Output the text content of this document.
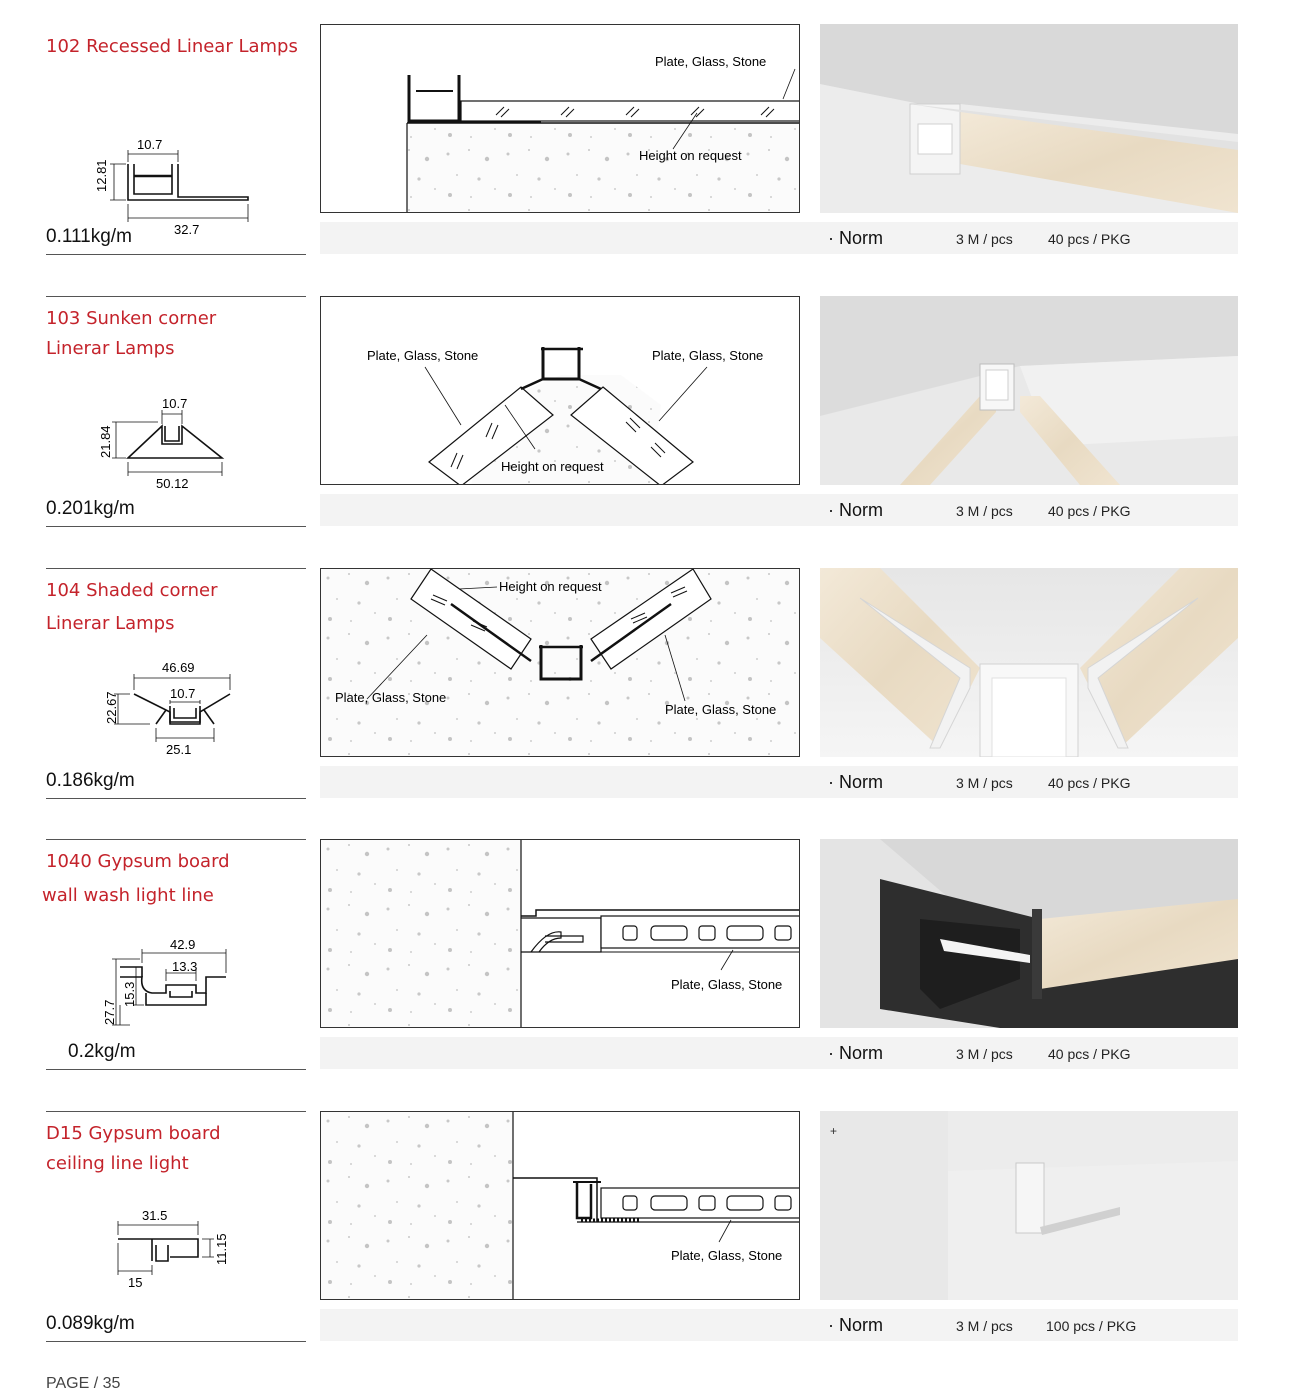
102 Recessed Linear Lamps
10.7
12.81
32.7
0.111kg/m
Plate, Glass, Stone
Height on request
· Norm	3 M / pcs	40 pcs / PKG
103 Sunken corner
Linerar Lamps
10.7
21.84
50.12
0.201kg/m
Plate, Glass, Stone	Plate, Glass, Stone
Height on request
· Norm	3 M / pcs	40 pcs / PKG
104 Shaded corner
Linerar Lamps
46.69
10.7
22.67
25.1
0.186kg/m
Height on request
Plate, Glass, Stone
Plate, Glass, Stone
· Norm	3 M / pcs	40 pcs / PKG
1040 Gypsum board
wall wash light line
42.9
13.3
15.3
27.7
0.2kg/m
Plate, Glass, Stone
· Norm	3 M / pcs	40 pcs / PKG
D15 Gypsum board
ceiling line light
31.5
11.15
15
0.089kg/m
Plate, Glass, Stone
+
· Norm	3 M / pcs 100 pcs / PKG
PAGE / 35
